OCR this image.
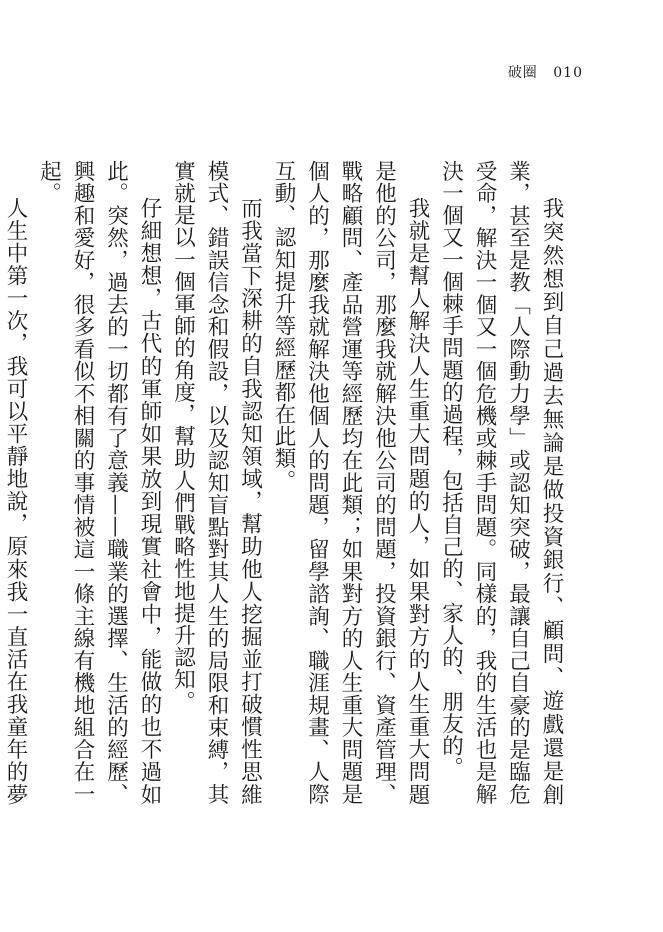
破圈 010

我突然想到自己過去無論是做投資銀行、顧問、遊戲還是創業，甚至是教「人際動力學」或認知突破，最讓自己自豪的是臨危受命，解決一個又一個危機或棘手問題。同樣的，我的生活也是解決一個又一個棘手問題的過程，包括自己的、家人的、朋友的。

我就是幫人解決人生重大問題的人，如果對方的人生重大問題是他的公司，那麼我就解決他公司的問題，投資銀行、資產管理、戰略顧問、產品營運等經歷均在此類；如果對方的人生重大問題是個人的，那麼我就解決他個人的問題，留學諮詢、職涯規畫、人際互動、認知提升等經歷都在此類。

而我當下深耕的自我認知領域，幫助他人挖掘並打破慣性思維模式、錯誤信念和假設，以及認知盲點對其人生的局限和束縛，其實就是以一個軍師的角度，幫助人們戰略性地提升認知。

仔細想想，古代的軍師如果放到現實社會中，能做的也不過如此。突然，過去的一切都有了意義——職業的選擇、生活的經歷、興趣和愛好，很多看似不相關的事情被這一條主線有機地組合在一起。

人生中第一次，我可以平靜地說，原來我一直活在我童年的夢
